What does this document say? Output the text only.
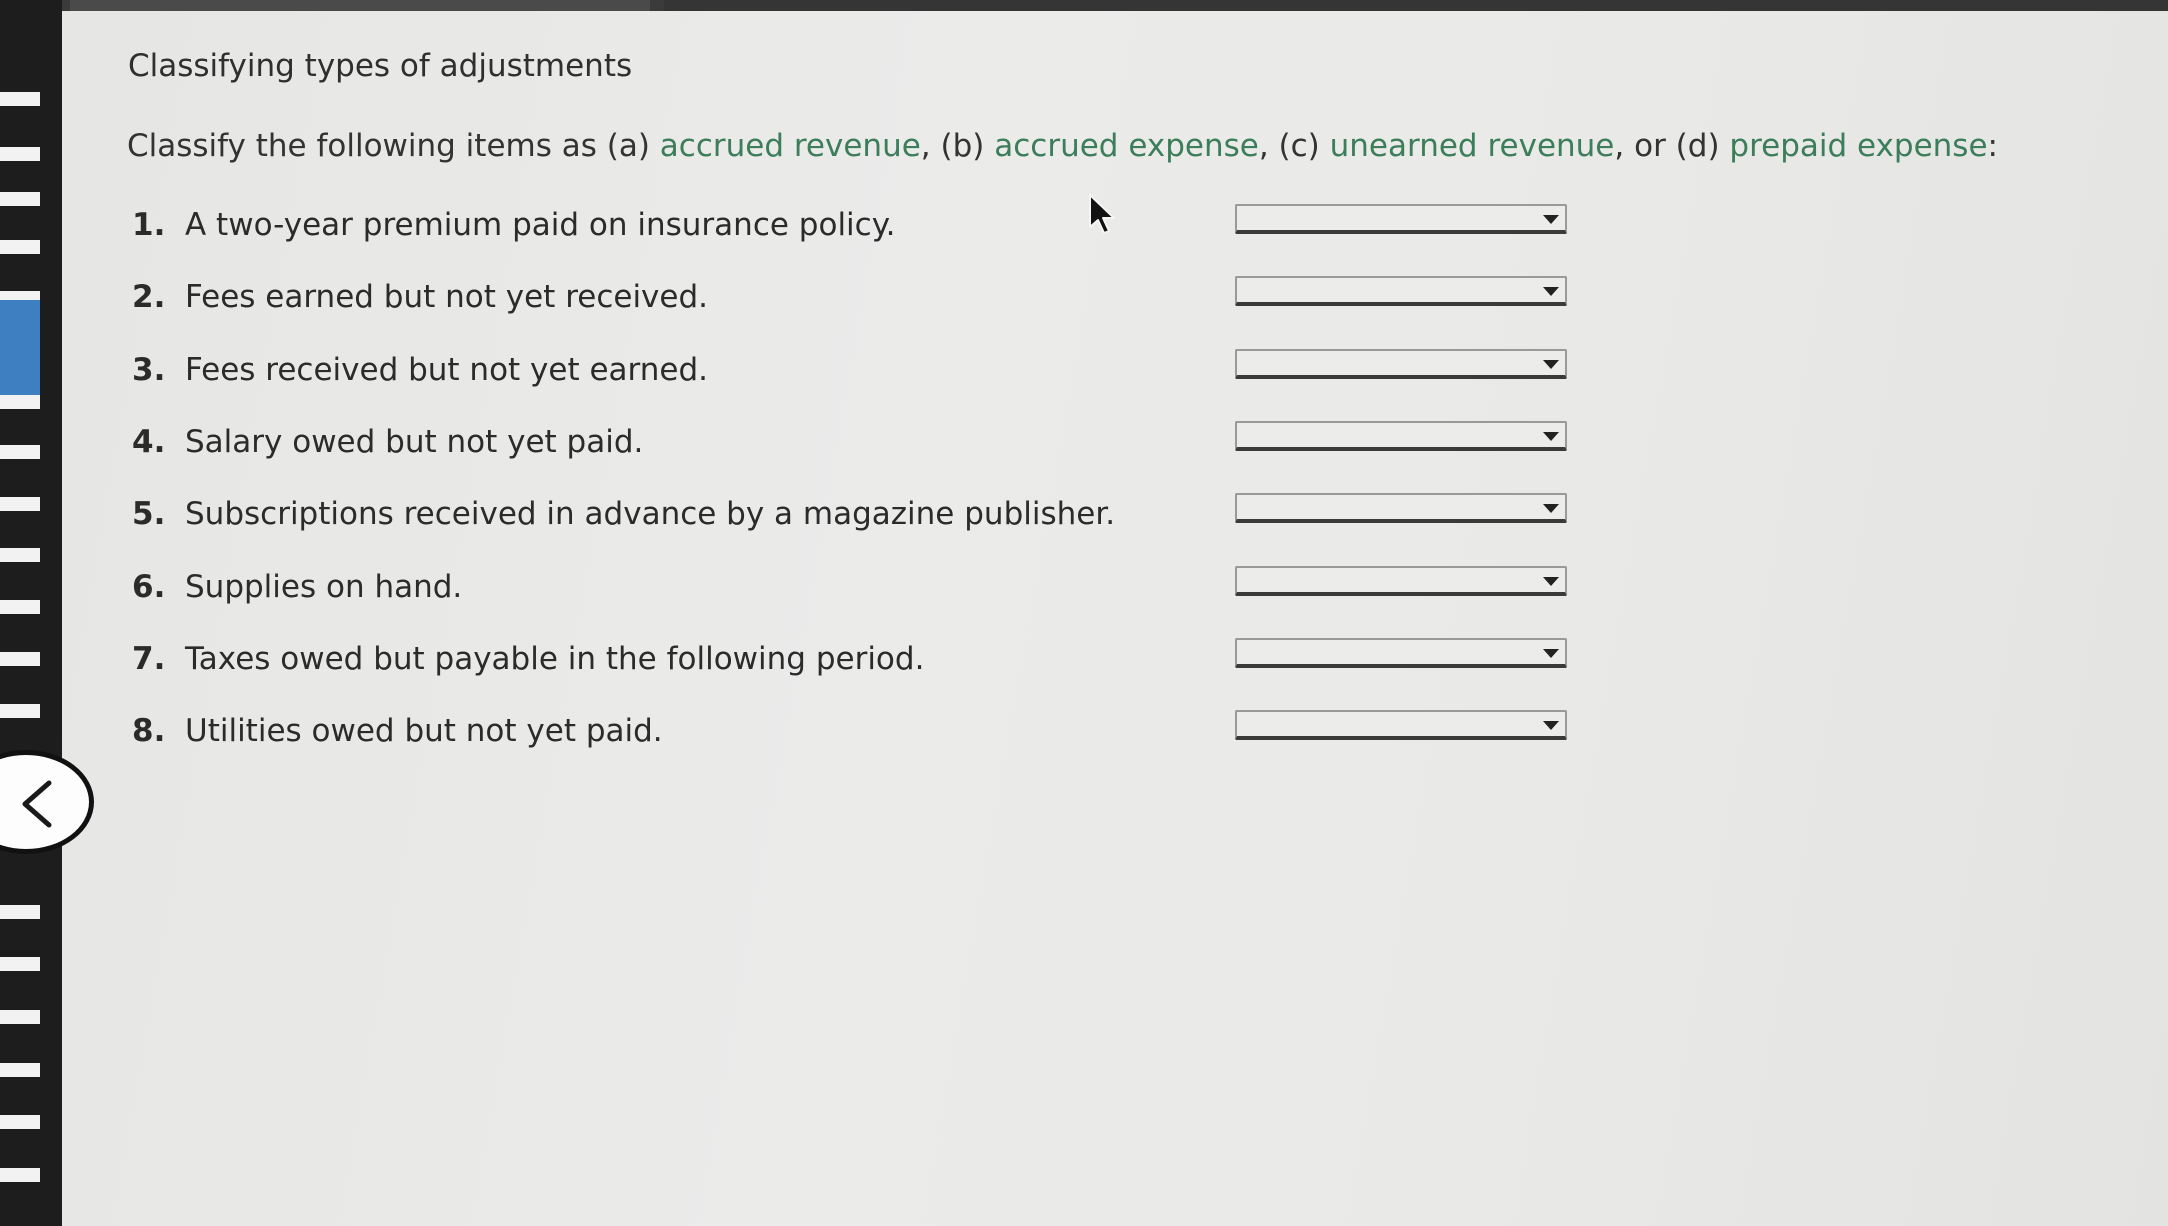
Classifying types of adjustments
Classify the following items as (a) accrued revenue, (b) accrued expense, (c) unearned revenue, or (d) prepaid expense:
1. A two-year premium paid on insurance policy.
2. Fees earned but not yet received.
3. Fees received but not yet earned.
4. Salary owed but not yet paid.
5. Subscriptions received in advance by a magazine publisher.
6. Supplies on hand.
7. Taxes owed but payable in the following period.
8. Utilities owed but not yet paid.
